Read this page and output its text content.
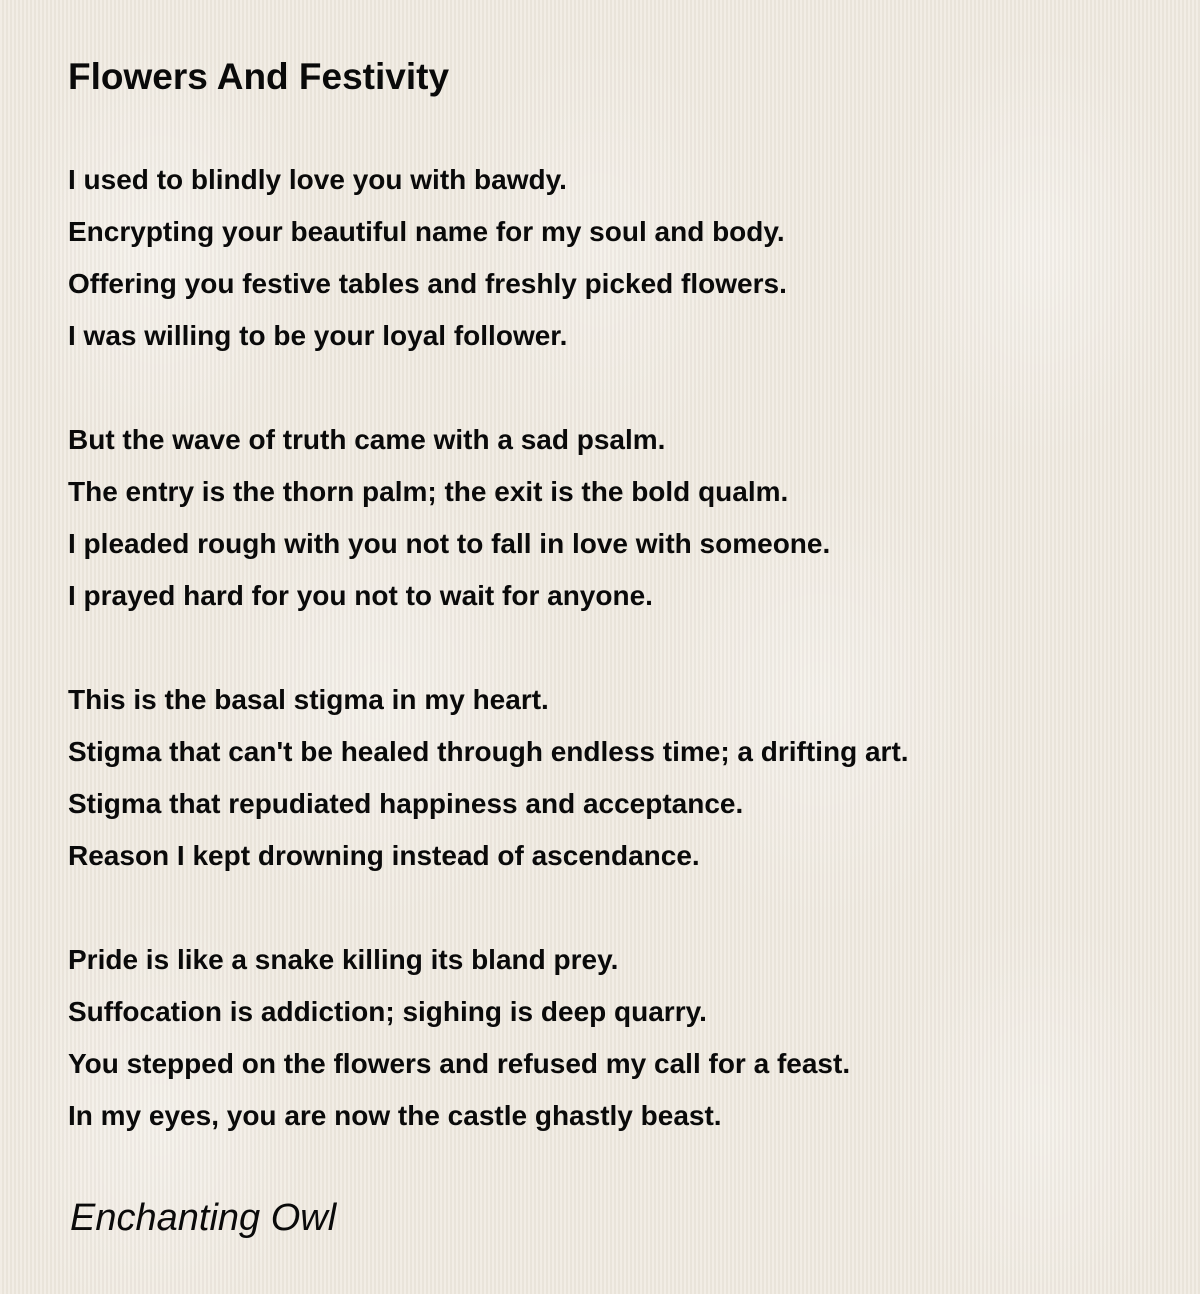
Flowers And Festivity
I used to blindly love you with bawdy.
Encrypting your beautiful name for my soul and body.
Offering you festive tables and freshly picked flowers.
I was willing to be your loyal follower.
But the wave of truth came with a sad psalm.
The entry is the thorn palm; the exit is the bold qualm.
I pleaded rough with you not to fall in love with someone.
I prayed hard for you not to wait for anyone.
This is the basal stigma in my heart.
Stigma that can't be healed through endless time; a drifting art.
Stigma that repudiated happiness and acceptance.
Reason I kept drowning instead of ascendance.
Pride is like a snake killing its bland prey.
Suffocation is addiction; sighing is deep quarry.
You stepped on the flowers and refused my call for a feast.
In my eyes, you are now the castle ghastly beast.

Enchanting Owl
